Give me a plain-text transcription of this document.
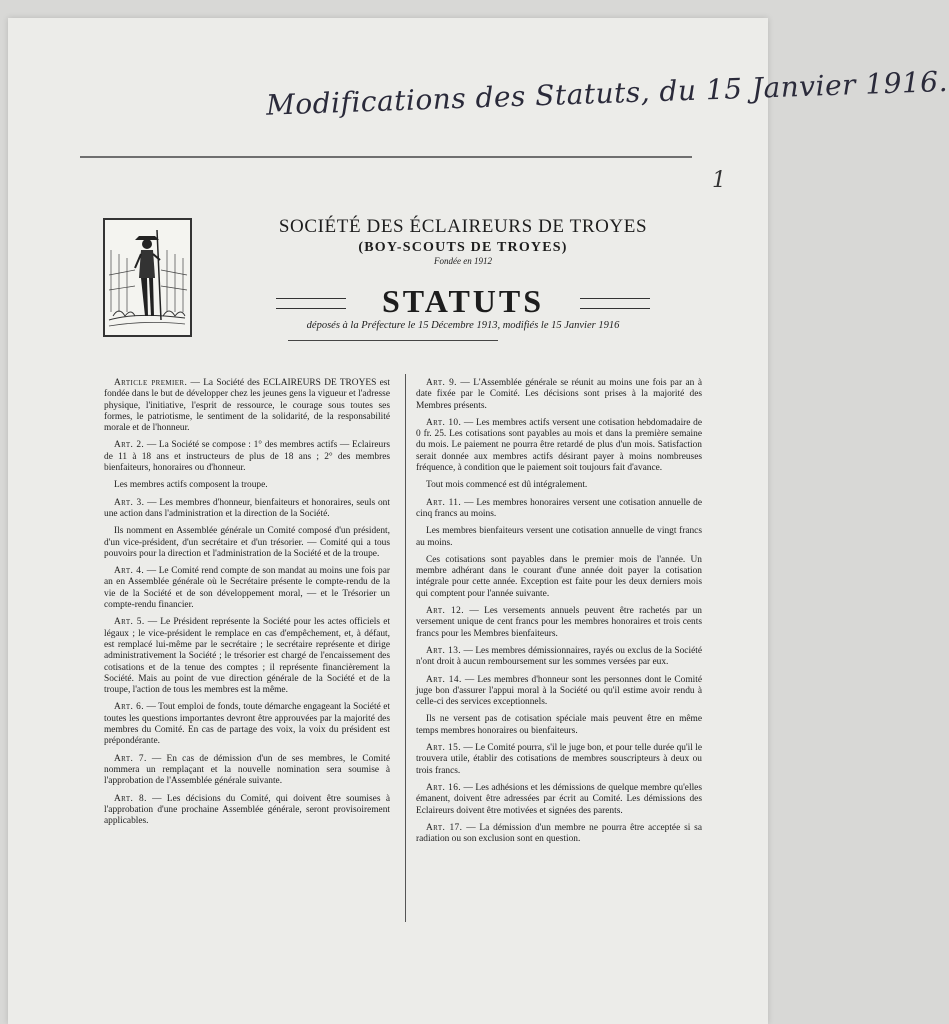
Modifications des Statuts, du 15 Janvier 1916.
1
SOCIÉTÉ DES ÉCLAIREURS DE TROYES
(BOY-SCOUTS DE TROYES)
Fondée en 1912
STATUTS
déposés à la Préfecture le 15 Décembre 1913, modifiés le 15 Janvier 1916

Article premier. — La Société des ECLAIREURS DE TROYES est fondée dans le but de développer chez les jeunes gens la vigueur et l'adresse physique, l'initiative, l'esprit de ressource, le courage sous toutes ses formes, le patriotisme, le sentiment de la solidarité, de la responsabilité morale et de l'honneur.

Art. 2. — La Société se compose : 1° des membres actifs — Eclaireurs de 11 à 18 ans et instructeurs de plus de 18 ans ; 2° des membres bienfaiteurs, honoraires ou d'honneur.

Les membres actifs composent la troupe.

Art. 3. — Les membres d'honneur, bienfaiteurs et honoraires, seuls ont une action dans l'administration et la direction de la Société.

Ils nomment en Assemblée générale un Comité composé d'un président, d'un vice-président, d'un secrétaire et d'un trésorier. — Comité qui a tous pouvoirs pour la direction et l'administration de la Société et de la troupe.

Art. 4. — Le Comité rend compte de son mandat au moins une fois par an en Assemblée générale où le Secrétaire présente le compte-rendu de la vie de la Société et de son développement moral, — et le Trésorier un compte-rendu financier.

Art. 5. — Le Président représente la Société pour les actes officiels et légaux ; le vice-président le remplace en cas d'empêchement, et, à défaut, est remplacé lui-même par le secrétaire ; le secrétaire représente et dirige administrativement la Société ; le trésorier est chargé de l'encaissement des cotisations et de la tenue des comptes ; il représente financièrement la Société. Mais au point de vue direction générale de la Société et de la troupe, l'action de tous les membres est la même.

Art. 6. — Tout emploi de fonds, toute démarche engageant la Société et toutes les questions importantes devront être approuvées par la majorité des membres du Comité. En cas de partage des voix, la voix du président est prépondérante.

Art. 7. — En cas de démission d'un de ses membres, le Comité nommera un remplaçant et la nouvelle nomination sera soumise à l'approbation de l'Assemblée générale suivante.

Art. 8. — Les décisions du Comité, qui doivent être soumises à l'approbation d'une prochaine Assemblée générale, seront provisoirement applicables.

Art. 9. — L'Assemblée générale se réunit au moins une fois par an à date fixée par le Comité. Les décisions sont prises à la majorité des Membres présents.

Art. 10. — Les membres actifs versent une cotisation hebdomadaire de 0 fr. 25. Les cotisations sont payables au mois et dans la première semaine du mois. Le paiement ne pourra être retardé de plus d'un mois. Satisfaction serait donnée aux membres actifs désirant payer à moins nombreuses fréquence, à condition que le paiement soit toujours fait d'avance.

Tout mois commencé est dû intégralement.

Art. 11. — Les membres honoraires versent une cotisation annuelle de cinq francs au moins.

Les membres bienfaiteurs versent une cotisation annuelle de vingt francs au moins.

Ces cotisations sont payables dans le premier mois de l'année. Un membre adhérant dans le courant d'une année doit payer la cotisation intégrale pour cette année. Exception est faite pour les deux derniers mois qui comptent pour l'année suivante.

Art. 12. — Les versements annuels peuvent être rachetés par un versement unique de cent francs pour les membres honoraires et trois cents francs pour les Membres bienfaiteurs.

Art. 13. — Les membres démissionnaires, rayés ou exclus de la Société n'ont droit à aucun remboursement sur les sommes versées par eux.

Art. 14. — Les membres d'honneur sont les personnes dont le Comité juge bon d'assurer l'appui moral à la Société ou qu'il estime avoir rendu à celle-ci des services exceptionnels.

Ils ne versent pas de cotisation spéciale mais peuvent être en même temps membres honoraires ou bienfaiteurs.

Art. 15. — Le Comité pourra, s'il le juge bon, et pour telle durée qu'il le trouvera utile, établir des cotisations de membres souscripteurs à deux ou trois francs.

Art. 16. — Les adhésions et les démissions de quelque membre qu'elles émanent, doivent être adressées par écrit au Comité. Les démissions des Eclaireurs doivent être motivées et signées des parents.

Art. 17. — La démission d'un membre ne pourra être acceptée si sa radiation ou son exclusion sont en question.
